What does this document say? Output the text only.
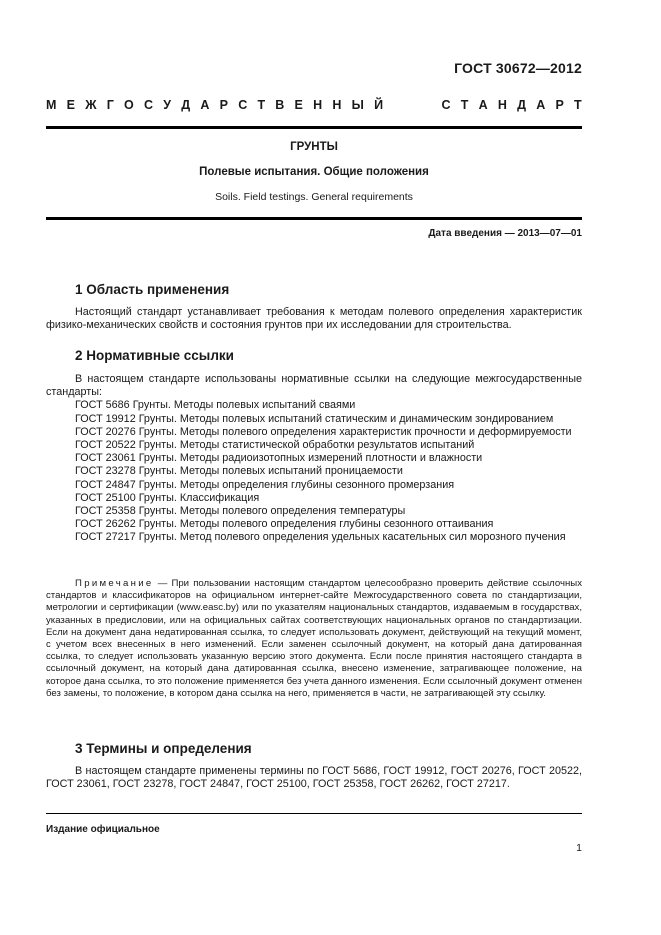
ГОСТ 30672—2012
М Е Ж Г О С У Д А Р С Т В Е Н Н Ы Й	С Т А Н Д А Р Т
ГРУНТЫ
Полевые испытания. Общие положения
Soils. Field testings. General requirements
Дата введения — 2013—07—01
1 Область применения

Настоящий стандарт устанавливает требования к методам полевого определения характеристик физико-механических свойств и состояния грунтов при их исследовании для строительства.

2 Нормативные ссылки

В настоящем стандарте использованы нормативные ссылки на следующие межгосударственные стандарты:

ГОСТ 5686 Грунты. Методы полевых испытаний сваями

ГОСТ 19912 Грунты. Методы полевых испытаний статическим и динамическим зондированием

ГОСТ 20276 Грунты. Методы полевого определения характеристик прочности и деформируемости

ГОСТ 20522 Грунты. Методы статистической обработки результатов испытаний

ГОСТ 23061 Грунты. Методы радиоизотопных измерений плотности и влажности

ГОСТ 23278 Грунты. Методы полевых испытаний проницаемости

ГОСТ 24847 Грунты. Методы определения глубины сезонного промерзания

ГОСТ 25100 Грунты. Классификация

ГОСТ 25358 Грунты. Методы полевого определения температуры

ГОСТ 26262 Грунты. Методы полевого определения глубины сезонного оттаивания

ГОСТ 27217 Грунты. Метод полевого определения удельных касательных сил морозного пучения

Примечание — При пользовании настоящим стандартом целесообразно проверить действие ссылочных стандартов и классификаторов на официальном интернет-сайте Межгосударственного совета по стандартизации, метрологии и сертификации (www.easc.by) или по указателям национальных стандартов, издаваемым в государствах, указанных в предисловии, или на официальных сайтах соответствующих национальных органов по стандартизации. Если на документ дана недатированная ссылка, то следует использовать документ, действующий на текущий момент, с учетом всех внесенных в него изменений. Если заменен ссылочный документ, на который дана датированная ссылка, то следует использовать указанную версию этого документа. Если после принятия настоящего стандарта в ссылочный документ, на который дана датированная ссылка, внесено изменение, затрагивающее положение, на которое дана ссылка, то это положение применяется без учета данного изменения. Если ссылочный документ отменен без замены, то положение, в котором дана ссылка на него, применяется в части, не затрагивающей эту ссылку.

3 Термины и определения

В настоящем стандарте применены термины по ГОСТ 5686, ГОСТ 19912, ГОСТ 20276, ГОСТ 20522, ГОСТ 23061, ГОСТ 23278, ГОСТ 24847, ГОСТ 25100, ГОСТ 25358, ГОСТ 26262, ГОСТ 27217.

Издание официальное
1
